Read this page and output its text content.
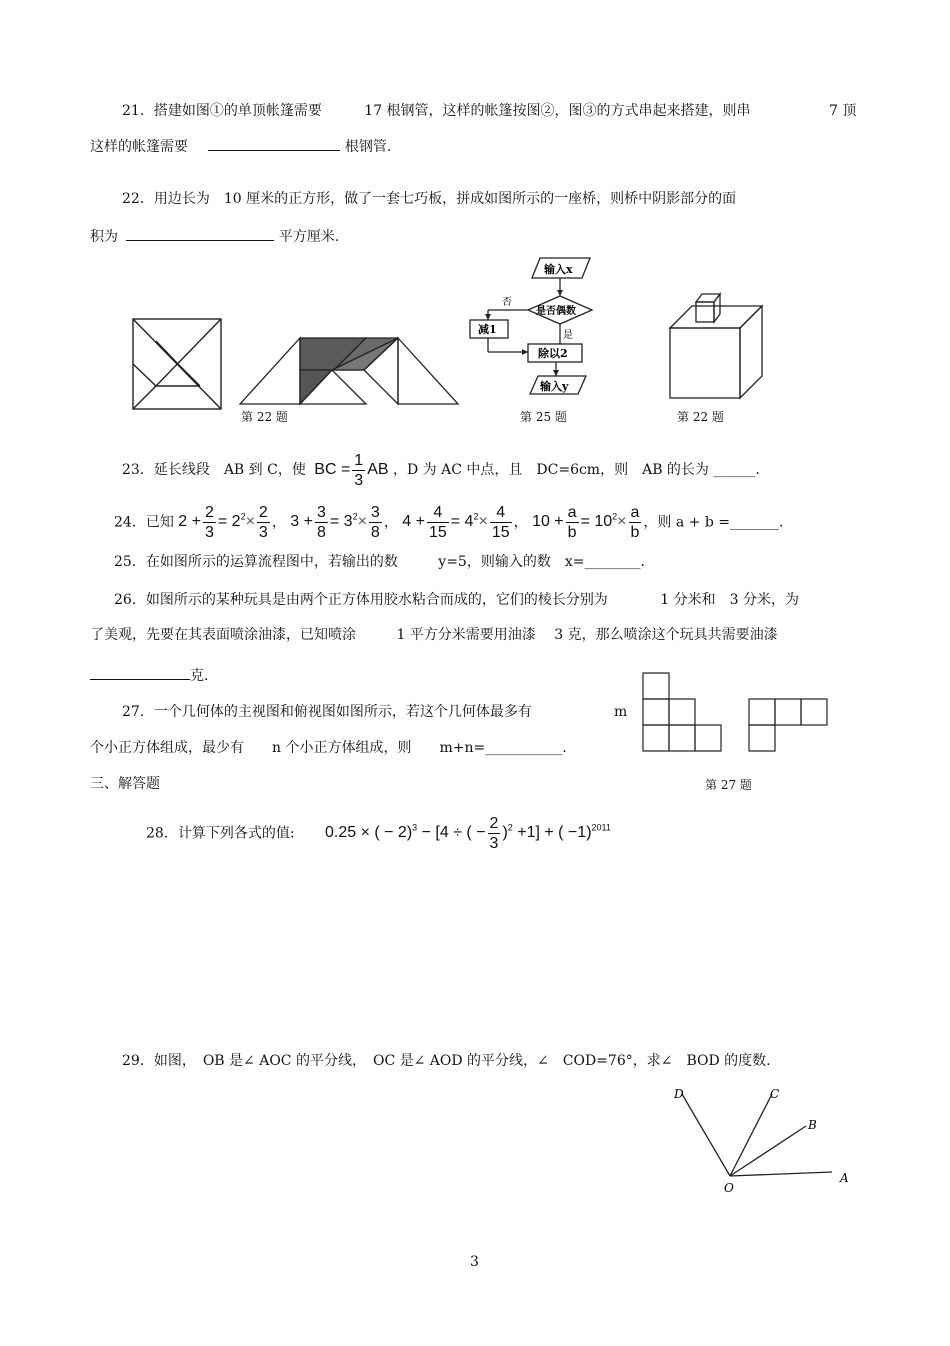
21．搭建如图①的单顶帐篷需要	17 根钢管，这样的帐篷按图②，图③的方式串起来搭建，则串	7 顶
这样的帐篷需要	根钢管.
22．用边长为　10 厘米的正方形，做了一套七巧板，拼成如图所示的一座桥，则桥中阴影部分的面
积为	平方厘米.
第 22 题
输入x
是否偶数
否
是
减1
除以2
输入y
第 25 题	第 22 题
23．延长线段　AB 到 C，使 BC = $\frac{1}{3}$ AB ，D 为 AC 中点，且　DC=6cm，则　AB 的长为 ______.
24．已知 $2 + \frac{2}{3} = 2^2\times \frac{2}{3}$ ， $3 + \frac{3}{8} = 3^2\times \frac{3}{8}$ ， $4 + \frac{4}{15} = 4^2\times \frac{4}{15}$ ， $10 + \frac{a}{b} = 10^2\times \frac{a}{b}$ ，则 a + b =_______.
25．在如图所示的运算流程图中，若输出的数	y=5，则输入的数　x=________.
26．如图所示的某种玩具是由两个正方体用胶水粘合而成的，它们的棱长分别为	1 分米和　3 分米，为
了美观，先要在其表面喷涂油漆，已知喷涂	1 平方分米需要用油漆　 3 克，那么喷涂这个玩具共需要油漆
克.
27．一个几何体的主视图和俯视图如图所示，若这个几何体最多有	m
个小正方体组成，最少有　　n 个小正方体组成，则　　m+n=___________.
第 27 题
三、解答题
28．计算下列各式的值: 0.25 × ( − 2)$^3$ − [4 ÷ ( − $\frac{2}{3} )^2 +1$] + ( −1)$^{2011}$
29．如图，　OB 是∠ AOC 的平分线，　OC 是∠ AOD 的平分线，∠　COD=76°，求∠　BOD 的度数.
D	C
B
A
O
3
